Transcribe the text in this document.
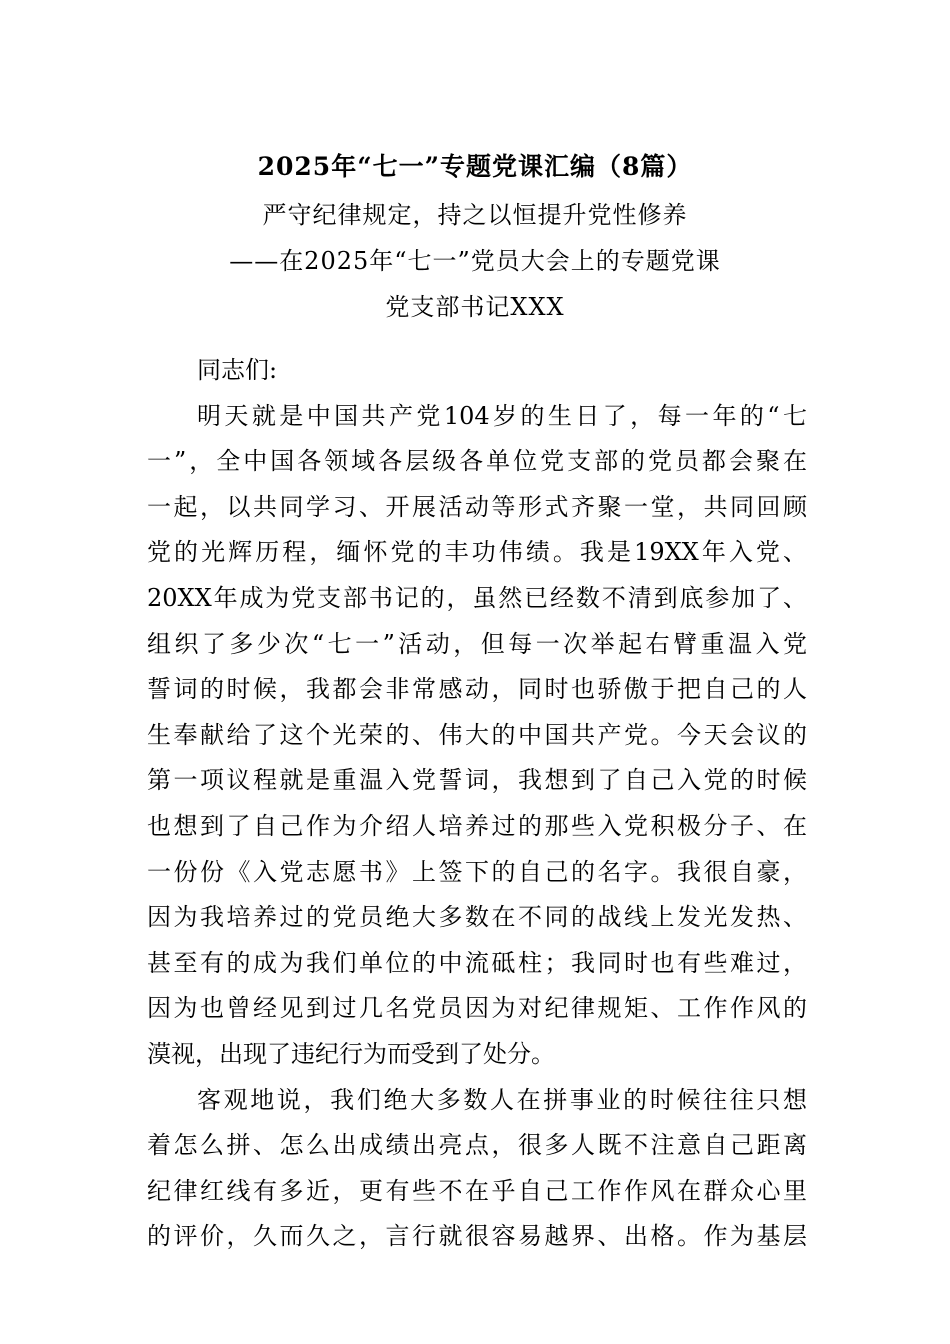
2025年“七一”专题党课汇编（8篇）
严守纪律规定，持之以恒提升党性修养
——在2025年“七一”党员大会上的专题党课
党支部书记XXX
同志们:
明天就是中国共产党104岁的生日了，每一年的“七
一”，全中国各领域各层级各单位党支部的党员都会聚在
一起，以共同学习、开展活动等形式齐聚一堂，共同回顾
党的光辉历程，缅怀党的丰功伟绩。我是19XX年入党、
20XX年成为党支部书记的，虽然已经数不清到底参加了、
组织了多少次“七一”活动，但每一次举起右臂重温入党
誓词的时候，我都会非常感动，同时也骄傲于把自己的人
生奉献给了这个光荣的、伟大的中国共产党。今天会议的
第一项议程就是重温入党誓词，我想到了自己入党的时候
也想到了自己作为介绍人培养过的那些入党积极分子、在
一份份《入党志愿书》上签下的自己的名字。我很自豪，
因为我培养过的党员绝大多数在不同的战线上发光发热、
甚至有的成为我们单位的中流砥柱；我同时也有些难过，
因为也曾经见到过几名党员因为对纪律规矩、工作作风的
漠视，出现了违纪行为而受到了处分。
客观地说，我们绝大多数人在拼事业的时候往往只想
着怎么拼、怎么出成绩出亮点，很多人既不注意自己距离
纪律红线有多近，更有些不在乎自己工作作风在群众心里
的评价，久而久之，言行就很容易越界、出格。作为基层
